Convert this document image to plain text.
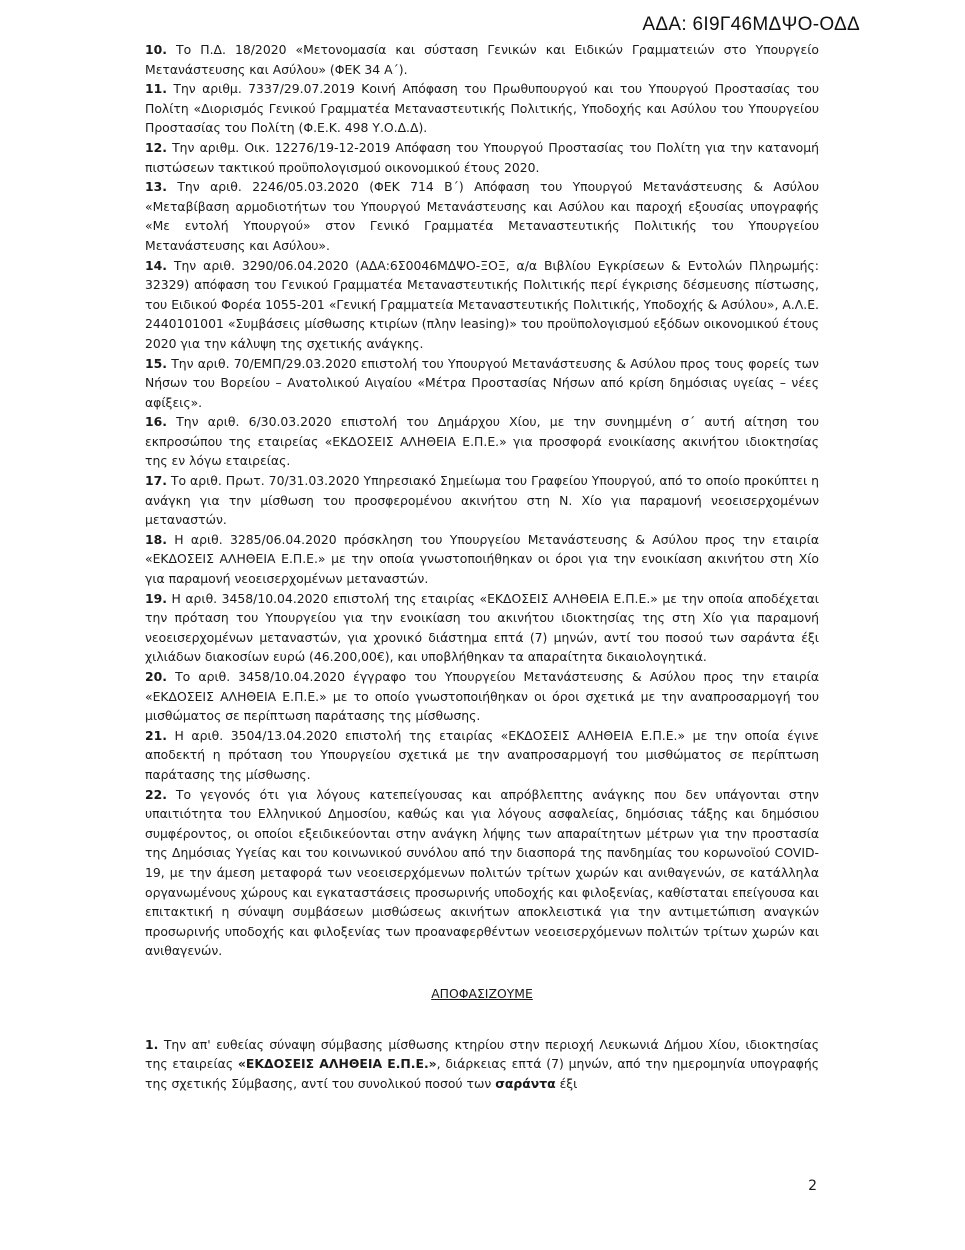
ΑΔΑ: 6Ι9Γ46ΜΔΨΟ-ΟΔΔ

10. Το Π.Δ. 18/2020 «Μετονομασία και σύσταση Γενικών και Ειδικών Γραμματειών στο Υπουργείο Μετανάστευσης και Ασύλου» (ΦΕΚ 34 Α΄).

11. Την αριθμ. 7337/29.07.2019 Κοινή Απόφαση του Πρωθυπουργού και του Υπουργού Προστασίας του Πολίτη «Διορισμός Γενικού Γραμματέα Μεταναστευτικής Πολιτικής, Υποδοχής και Ασύλου του Υπουργείου Προστασίας του Πολίτη (Φ.Ε.Κ. 498 Υ.Ο.Δ.Δ).

12. Την αριθμ. Οικ. 12276/19-12-2019 Απόφαση του Υπουργού Προστασίας του Πολίτη για την κατανομή πιστώσεων τακτικού προϋπολογισμού οικονομικού έτους 2020.

13. Την αριθ. 2246/05.03.2020 (ΦΕΚ 714 Β΄) Απόφαση του Υπουργού Μετανάστευσης & Ασύλου «Μεταβίβαση αρμοδιοτήτων του Υπουργού Μετανάστευσης και Ασύλου και παροχή εξουσίας υπογραφής «Με εντολή Υπουργού» στον Γενικό Γραμματέα Μεταναστευτικής Πολιτικής του Υπουργείου Μετανάστευσης και Ασύλου».

14. Την αριθ. 3290/06.04.2020 (ΑΔΑ:6Σ0046ΜΔΨΟ-ΞΟΞ, α/α Βιβλίου Εγκρίσεων & Εντολών Πληρωμής: 32329) απόφαση του Γενικού Γραμματέα Μεταναστευτικής Πολιτικής περί έγκρισης δέσμευσης πίστωσης, του Ειδικού Φορέα 1055-201 «Γενική Γραμματεία Μεταναστευτικής Πολιτικής, Υποδοχής & Ασύλου», Α.Λ.Ε. 2440101001 «Συμβάσεις μίσθωσης κτιρίων (πλην leasing)» του προϋπολογισμού εξόδων οικονομικού έτους 2020 για την κάλυψη της σχετικής ανάγκης.

15. Την αριθ. 70/ΕΜΠ/29.03.2020 επιστολή του Υπουργού Μετανάστευσης & Ασύλου προς τους φορείς των Νήσων του Βορείου – Ανατολικού Αιγαίου «Μέτρα Προστασίας Νήσων από κρίση δημόσιας υγείας – νέες αφίξεις».

16. Την αριθ. 6/30.03.2020 επιστολή του Δημάρχου Χίου, με την συνημμένη σ΄ αυτή αίτηση του εκπροσώπου της εταιρείας «ΕΚΔΟΣΕΙΣ ΑΛΗΘΕΙΑ Ε.Π.Ε.» για προσφορά ενοικίασης ακινήτου ιδιοκτησίας της εν λόγω εταιρείας.

17. Το αριθ. Πρωτ. 70/31.03.2020 Υπηρεσιακό Σημείωμα του Γραφείου Υπουργού, από το οποίο προκύπτει η ανάγκη για την μίσθωση του προσφερομένου ακινήτου στη Ν. Χίο για παραμονή νεοεισερχομένων μεταναστών.

18. Η αριθ. 3285/06.04.2020 πρόσκληση του Υπουργείου Μετανάστευσης & Ασύλου προς την εταιρία «ΕΚΔΟΣΕΙΣ ΑΛΗΘΕΙΑ Ε.Π.Ε.» με την οποία γνωστοποιήθηκαν οι όροι για την ενοικίαση ακινήτου στη Χίο για παραμονή νεοεισερχομένων μεταναστών.

19. Η αριθ. 3458/10.04.2020 επιστολή της εταιρίας «ΕΚΔΟΣΕΙΣ ΑΛΗΘΕΙΑ Ε.Π.Ε.» με την οποία αποδέχεται την πρόταση του Υπουργείου για την ενοικίαση του ακινήτου ιδιοκτησίας της στη Χίο για παραμονή νεοεισερχομένων μεταναστών, για χρονικό διάστημα επτά (7) μηνών, αντί του ποσού των σαράντα έξι χιλιάδων διακοσίων ευρώ (46.200,00€), και υποβλήθηκαν τα απαραίτητα δικαιολογητικά.

20. Το αριθ. 3458/10.04.2020 έγγραφο του Υπουργείου Μετανάστευσης & Ασύλου προς την εταιρία «ΕΚΔΟΣΕΙΣ ΑΛΗΘΕΙΑ Ε.Π.Ε.» με το οποίο γνωστοποιήθηκαν οι όροι σχετικά με την αναπροσαρμογή του μισθώματος σε περίπτωση παράτασης της μίσθωσης.

21. Η αριθ. 3504/13.04.2020 επιστολή της εταιρίας «ΕΚΔΟΣΕΙΣ ΑΛΗΘΕΙΑ Ε.Π.Ε.» με την οποία έγινε αποδεκτή η πρόταση του Υπουργείου σχετικά με την αναπροσαρμογή του μισθώματος σε περίπτωση παράτασης της μίσθωσης.

22. Το γεγονός ότι για λόγους κατεπείγουσας και απρόβλεπτης ανάγκης που δεν υπάγονται στην υπαιτιότητα του Ελληνικού Δημοσίου, καθώς και για λόγους ασφαλείας, δημόσιας τάξης και δημόσιου συμφέροντος, οι οποίοι εξειδικεύονται στην ανάγκη λήψης των απαραίτητων μέτρων για την προστασία της Δημόσιας Υγείας και του κοινωνικού συνόλου από την διασπορά της πανδημίας του κορωνοϊού COVID-19, με την άμεση μεταφορά των νεοεισερχόμενων πολιτών τρίτων χωρών και ανιθαγενών, σε κατάλληλα οργανωμένους χώρους και εγκαταστάσεις προσωρινής υποδοχής και φιλοξενίας, καθίσταται επείγουσα και επιτακτική η σύναψη συμβάσεων μισθώσεως ακινήτων αποκλειστικά για την αντιμετώπιση αναγκών προσωρινής υποδοχής και φιλοξενίας των προαναφερθέντων νεοεισερχόμενων πολιτών τρίτων χωρών και ανιθαγενών.

ΑΠΟΦΑΣΙΖΟΥΜΕ

1. Την απ' ευθείας σύναψη σύμβασης μίσθωσης κτηρίου στην περιοχή Λευκωνιά Δήμου Χίου, ιδιοκτησίας της εταιρείας «ΕΚΔΟΣΕΙΣ ΑΛΗΘΕΙΑ Ε.Π.Ε.», διάρκειας επτά (7) μηνών, από την ημερομηνία υπογραφής της σχετικής Σύμβασης, αντί του συνολικού ποσού των σαράντα έξι

2
